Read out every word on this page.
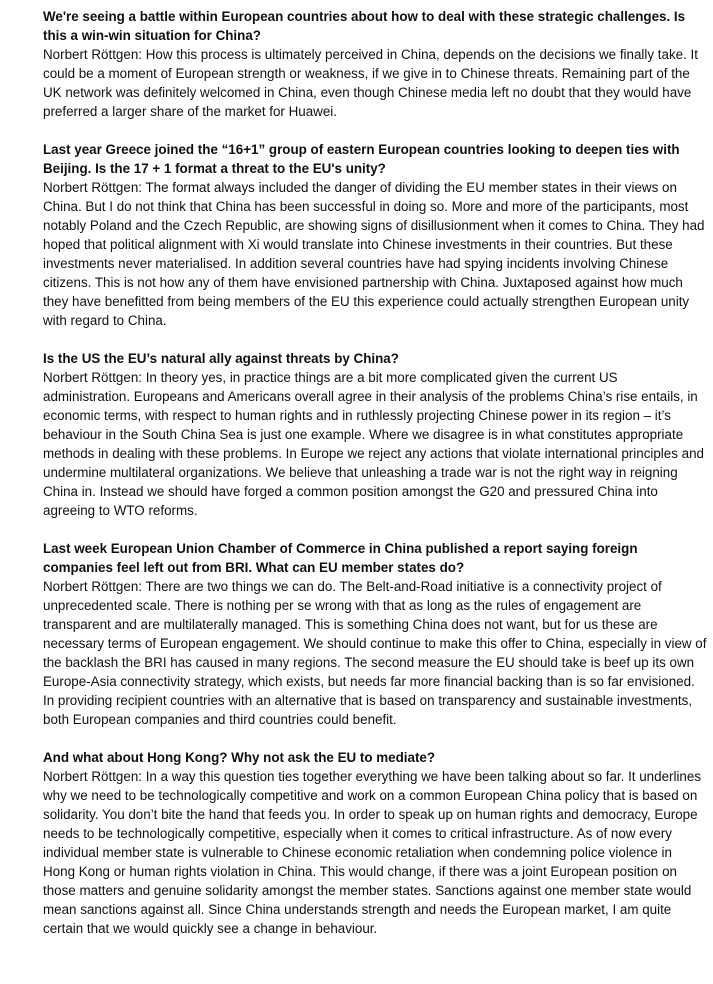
We're seeing a battle within European countries about how to deal with these strategic challenges. Is this a win-win situation for China?

Norbert Röttgen: How this process is ultimately perceived in China, depends on the decisions we finally take. It could be a moment of European strength or weakness, if we give in to Chinese threats. Remaining part of the UK network was definitely welcomed in China, even though Chinese media left no doubt that they would have preferred a larger share of the market for Huawei.

Last year Greece joined the “16+1” group of eastern European countries looking to deepen ties with Beijing. Is the 17 + 1 format a threat to the EU's unity?

Norbert Röttgen: The format always included the danger of dividing the EU member states in their views on China. But I do not think that China has been successful in doing so. More and more of the participants, most notably Poland and the Czech Republic, are showing signs of disillusionment when it comes to China. They had hoped that political alignment with Xi would translate into Chinese investments in their countries. But these investments never materialised. In addition several countries have had spying incidents involving Chinese citizens. This is not how any of them have envisioned partnership with China. Juxtaposed against how much they have benefitted from being members of the EU this experience could actually strengthen European unity with regard to China.

Is the US the EU’s natural ally against threats by China?

Norbert Röttgen: In theory yes, in practice things are a bit more complicated given the current US administration. Europeans and Americans overall agree in their analysis of the problems China’s rise entails, in economic terms, with respect to human rights and in ruthlessly projecting Chinese power in its region – it’s behaviour in the South China Sea is just one example. Where we disagree is in what constitutes appropriate methods in dealing with these problems. In Europe we reject any actions that violate international principles and undermine multilateral organizations. We believe that unleashing a trade war is not the right way in reigning China in. Instead we should have forged a common position amongst the G20 and pressured China into agreeing to WTO reforms.

Last week European Union Chamber of Commerce in China published a report saying foreign companies feel left out from BRI. What can EU member states do?

Norbert Röttgen: There are two things we can do. The Belt-and-Road initiative is a connectivity project of unprecedented scale. There is nothing per se wrong with that as long as the rules of engagement are transparent and are multilaterally managed. This is something China does not want, but for us these are necessary terms of European engagement. We should continue to make this offer to China, especially in view of the backlash the BRI has caused in many regions. The second measure the EU should take is beef up its own Europe-Asia connectivity strategy, which exists, but needs far more financial backing than is so far envisioned. In providing recipient countries with an alternative that is based on transparency and sustainable investments, both European companies and third countries could benefit.

And what about Hong Kong? Why not ask the EU to mediate?

Norbert Röttgen: In a way this question ties together everything we have been talking about so far. It underlines why we need to be technologically competitive and work on a common European China policy that is based on solidarity. You don’t bite the hand that feeds you. In order to speak up on human rights and democracy, Europe needs to be technologically competitive, especially when it comes to critical infrastructure. As of now every individual member state is vulnerable to Chinese economic retaliation when condemning police violence in Hong Kong or human rights violation in China. This would change, if there was a joint European position on those matters and genuine solidarity amongst the member states. Sanctions against one member state would mean sanctions against all. Since China understands strength and needs the European market, I am quite certain that we would quickly see a change in behaviour.
